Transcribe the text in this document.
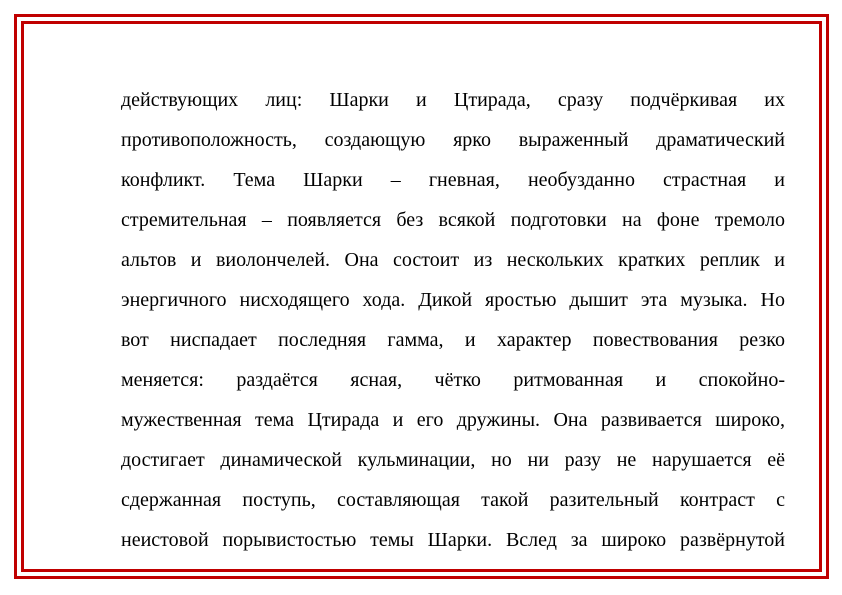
действующих лиц: Шарки и Цтирада, сразу подчёркивая их
противоположность, создающую ярко выраженный драматический
конфликт. Тема Шарки – гневная, необузданно страстная и
стремительная – появляется без всякой подготовки на фоне тремоло
альтов и виолончелей. Она состоит из нескольких кратких реплик и
энергичного нисходящего хода. Дикой яростью дышит эта музыка. Но
вот ниспадает последняя гамма, и характер повествования резко
меняется: раздаётся ясная, чётко ритмованная и спокойно-
мужественная тема Цтирада и его дружины. Она развивается широко,
достигает динамической кульминации, но ни разу не нарушается её
сдержанная поступь, составляющая такой разительный контраст с
неистовой порывистостью темы Шарки. Вслед за широко развёрнутой
